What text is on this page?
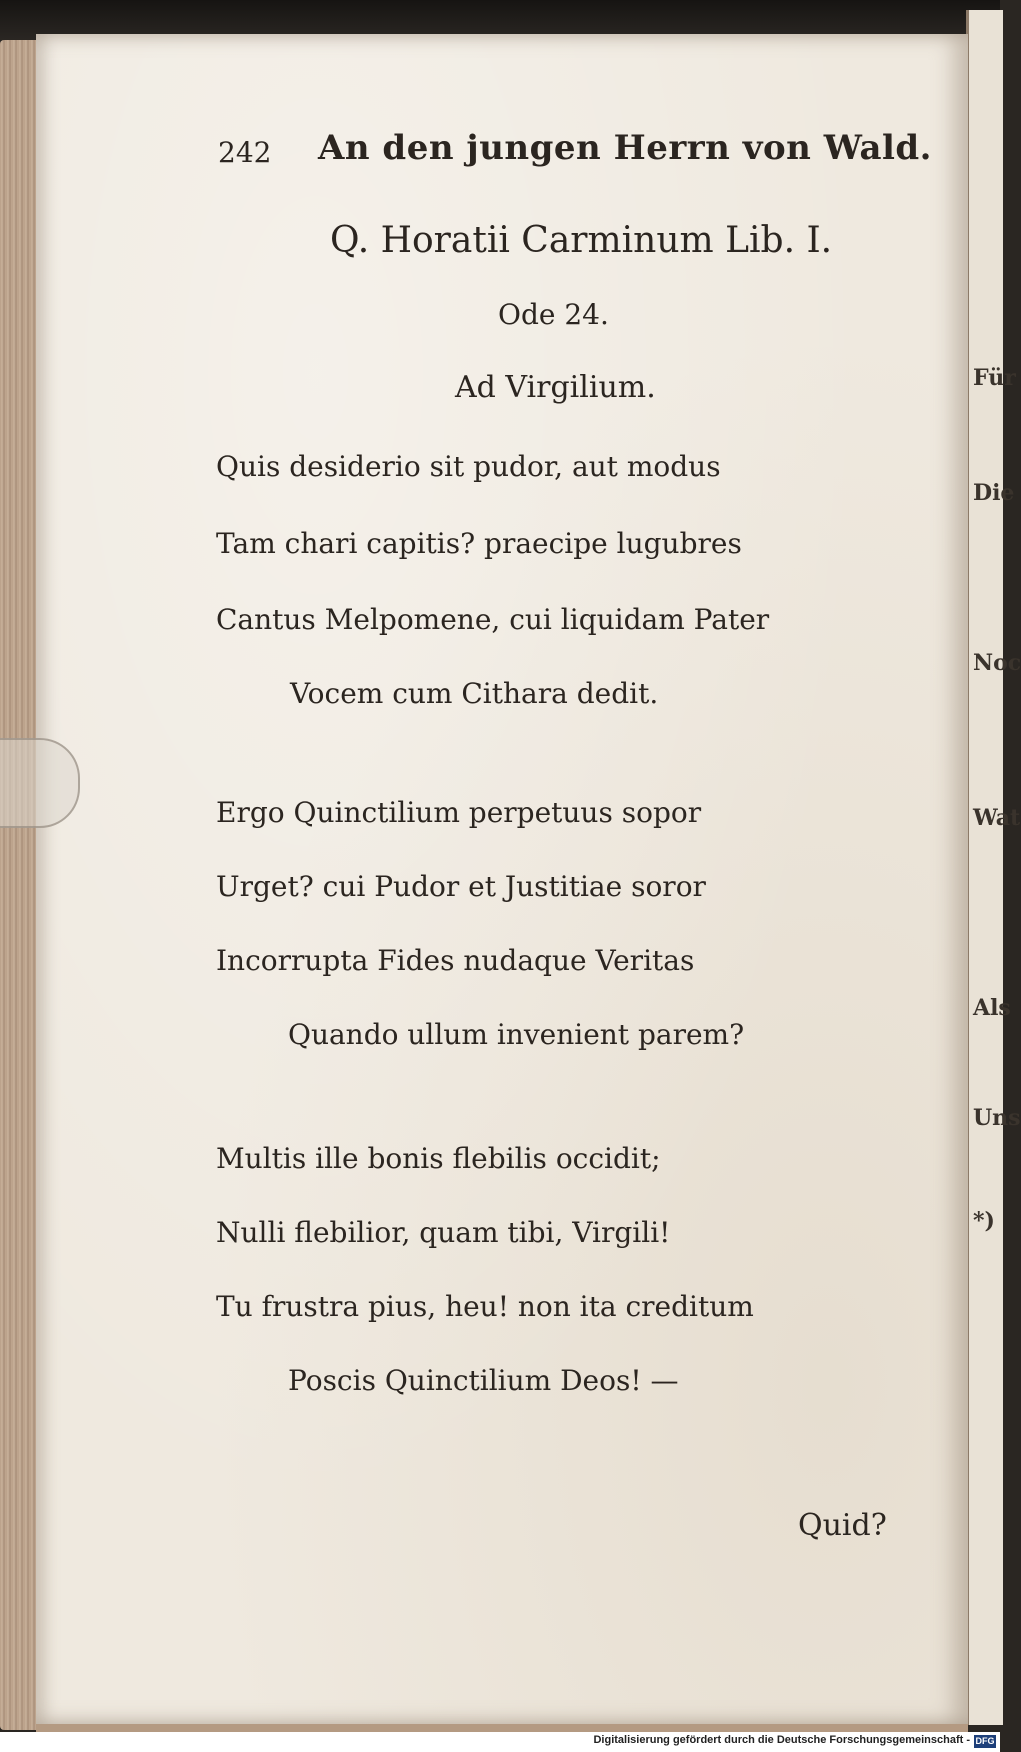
Für
Die
Noc
Wat
Als
Uns
*)
242 An den jungen Herrn von Wald.
Q. Horatii Carminum Lib. I.
Ode 24.
Ad Virgilium.
Quis desiderio sit pudor, aut modus
Tam chari capitis? praecipe lugubres
Cantus Melpomene, cui liquidam Pater
Vocem cum Cithara dedit.
Ergo Quinctilium perpetuus sopor
Urget? cui Pudor et Justitiae soror
Incorrupta Fides nudaque Veritas
Quando ullum invenient parem?
Multis ille bonis flebilis occidit;
Nulli flebilior, quam tibi, Virgili!
Tu frustra pius, heu! non ita creditum
Poscis Quinctilium Deos! —
Quid?
Digitalisierung gefördert durch die Deutsche Forschungsgemeinschaft - DFG
